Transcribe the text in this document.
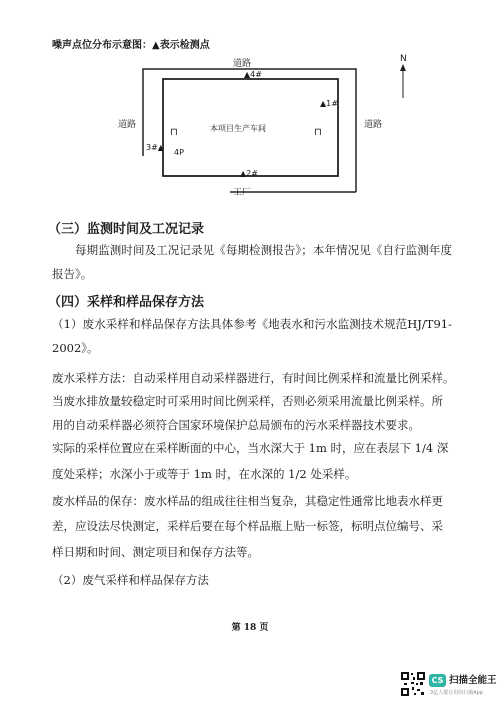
噪声点位分布示意图：▲表示检测点
⊓	⊓
道路
道路	道路
本项目生产车间
工厂
▲4#
▲1#
3#▲
▲2#
4P
N
（三）监测时间及工况记录
每期监测时间及工况记录见《每期检测报告》；本年情况见《自行监测年度报告》。
（四）采样和样品保存方法
（1）废水采样和样品保存方法具体参考《地表水和污水监测技术规范HJ/T91-2002》。
废水采样方法：自动采样用自动采样器进行，有时间比例采样和流量比例采样。
当废水排放量较稳定时可采用时间比例采样，否则必须采用流量比例采样。所
用的自动采样器必须符合国家环境保护总局颁布的污水采样器技术要求。
实际的采样位置应在采样断面的中心，当水深大于 1m 时，应在表层下 1/4 深
度处采样；水深小于或等于 1m 时，在水深的 1/2 处采样。
废水样品的保存：废水样品的组成往往相当复杂，其稳定性通常比地表水样更
差，应设法尽快测定，采样后要在每个样品瓶上贴一标签，标明点位编号、采
样日期和时间、测定项目和保存方法等。
（2）废气采样和样品保存方法
第 18 页
CS 扫描全能王
3亿人都在用的扫描App
